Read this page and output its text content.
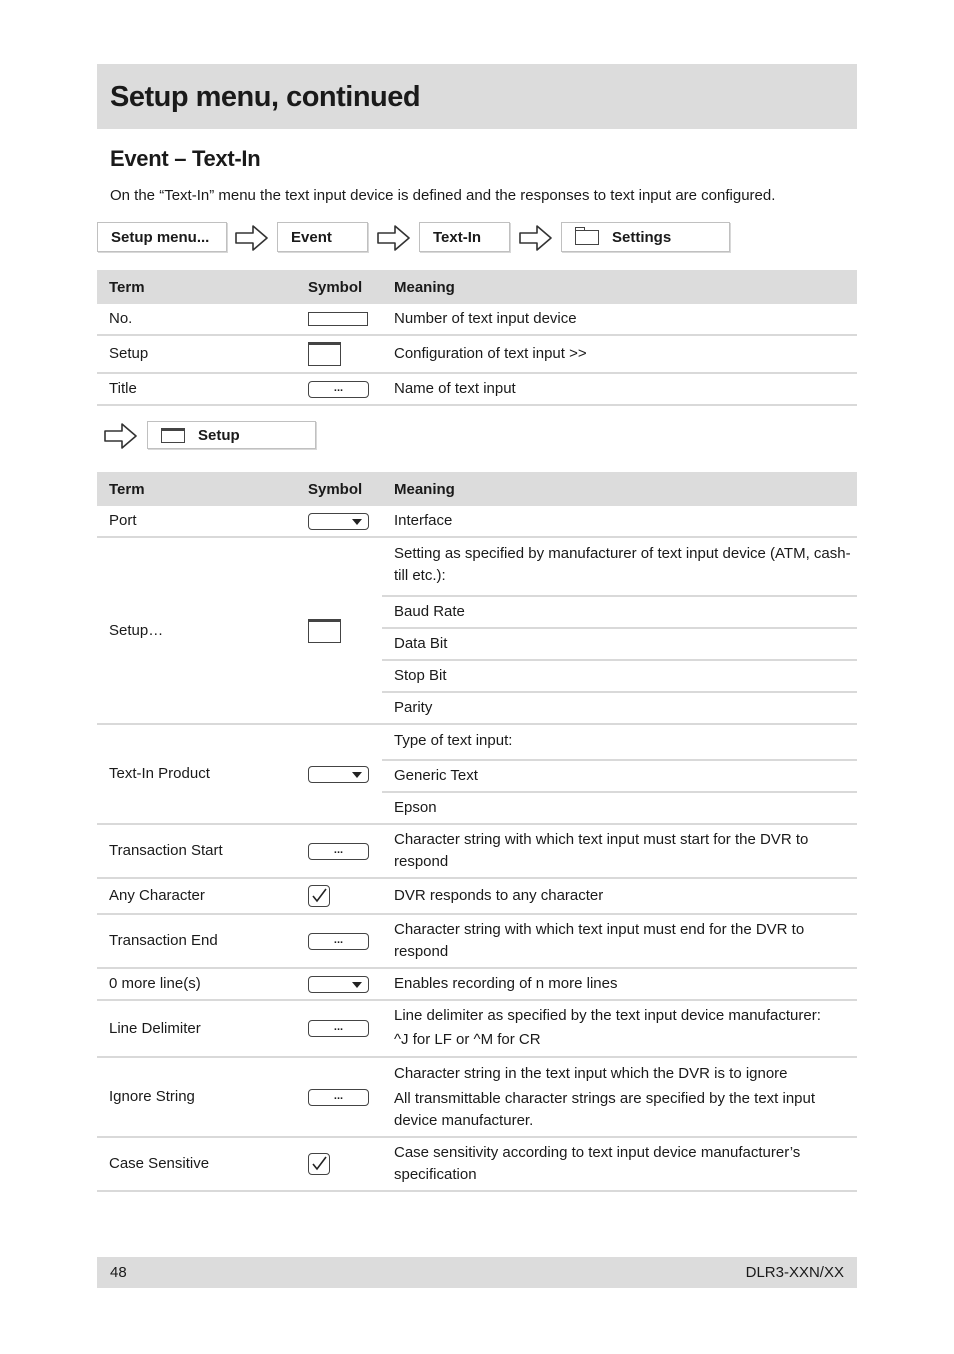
Setup menu, continued
Event – Text-In

On the “Text-In” menu the text input device is defined and the responses to text input are configured.

Setup menu...	Event	Text-In	Settings
Term	Symbol	Meaning
No.		Number of text input device
Setup		Configuration of text input >>
Title	...	Name of text input
Setup
Term	Symbol	Meaning
Port		Interface
Setup…		Setting as specified by manufacturer of text input device (ATM, cash-till etc.):
		Baud Rate
		Data Bit
		Stop Bit
		Parity
Text-In Product		Type of text input:
		Generic Text
		Epson
Transaction Start	...	Character string with which text input must start for the DVR to respond
Any Character		DVR responds to any character
Transaction End	...	Character string with which text input must end for the DVR to respond
0 more line(s)		Enables recording of n more lines
Line Delimiter	...	Line delimiter as specified by the text input device manufacturer:
^J for LF or ^M for CR

Ignore String	...	Character string in the text input which the DVR is to ignore
All transmittable character strings are specified by the text input device manufacturer.

Case Sensitive		Case sensitivity according to text input device manufacturer’s specification
48	DLR3-XXN/XX
